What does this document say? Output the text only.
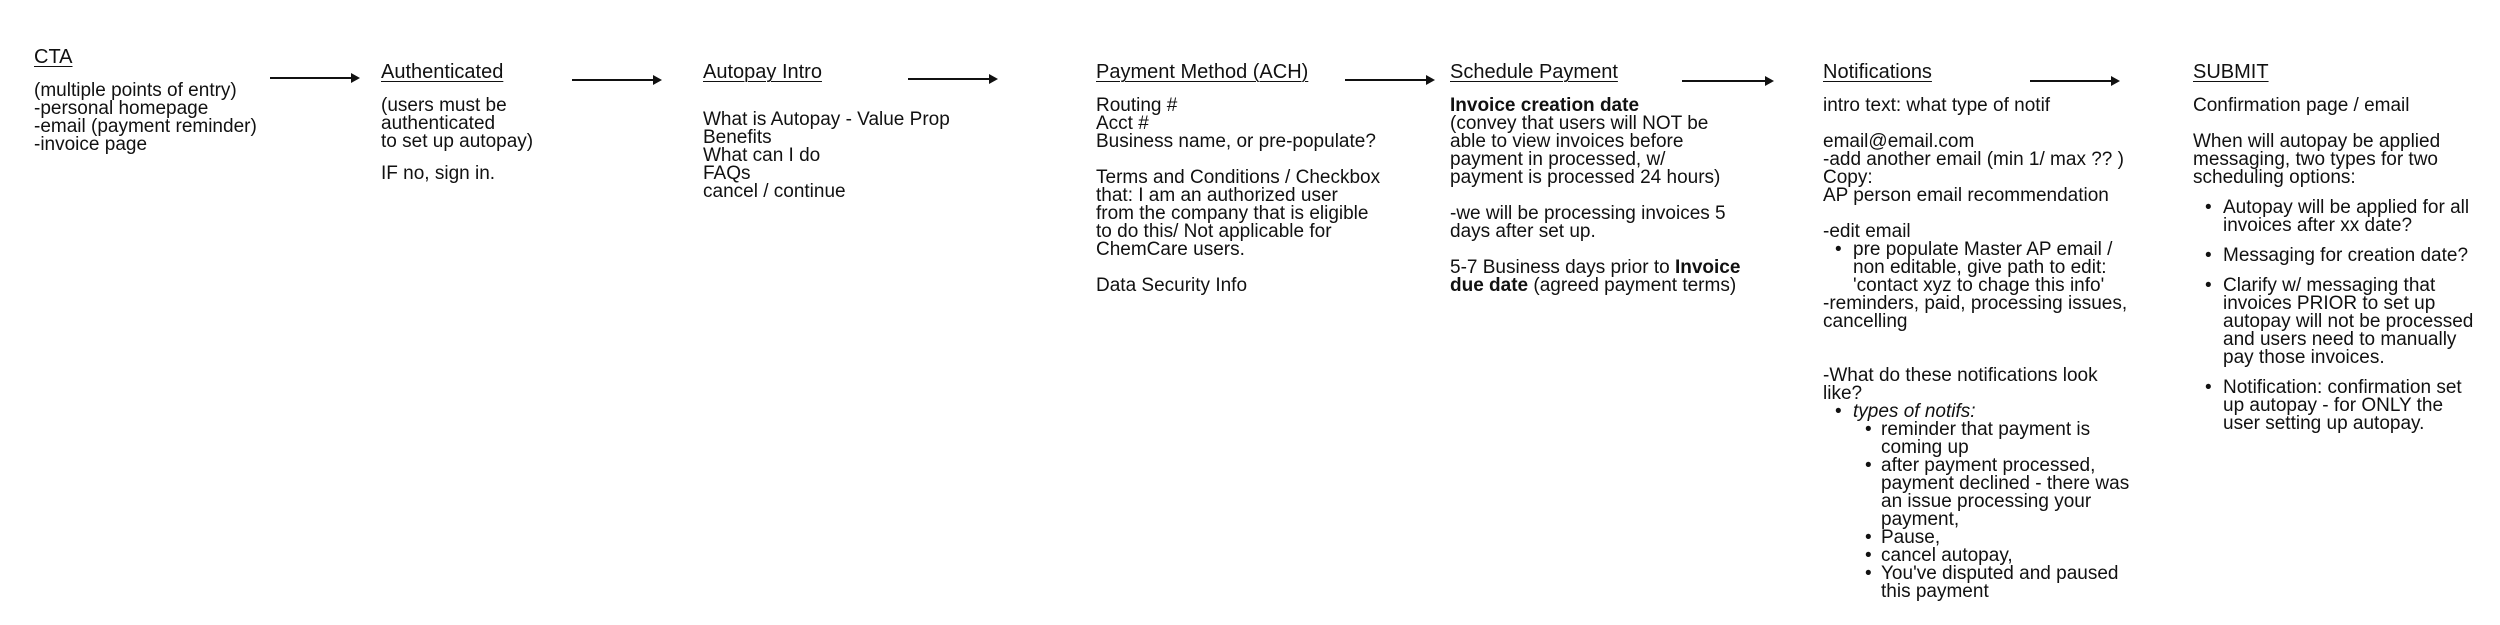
CTA
(multiple points of entry)
-personal homepage
-email (payment reminder)
-invoice page
Authenticated
(users must be
authenticated
to set up autopay)
IF no, sign in.
Autopay Intro
What is Autopay - Value Prop
Benefits
What can I do
FAQs
cancel / continue
Payment Method (ACH)
Routing #
Acct #
Business name, or pre-populate?
Terms and Conditions / Checkbox
that: I am an authorized user
from the company that is eligible
to do this/ Not applicable for
ChemCare users.
Data Security Info
Schedule Payment
Invoice creation date
(convey that users will NOT be
able to view invoices before
payment in processed, w/
payment is processed 24 hours)
-we will be processing invoices 5
days after set up.
5-7 Business days prior to Invoice
due date (agreed payment terms)
Notifications
intro text: what type of notif
email@email.com
-add another email (min 1/ max ?? )
Copy:
AP person email recommendation
-edit email
• pre populate Master AP email /
non editable, give path to edit:
'contact xyz to chage this info'
-reminders, paid, processing issues,
cancelling
-What do these notifications look
like?
• types of notifs:
• reminder that payment is
coming up
• after payment processed,
payment declined - there was
an issue processing your
payment,
• Pause,
• cancel autopay,
• You've disputed and paused
this payment
SUBMIT
Confirmation page / email
When will autopay be applied
messaging, two types for two
scheduling options:
• Autopay will be applied for all
invoices after xx date?
• Messaging for creation date?
• Clarify w/ messaging that
invoices PRIOR to set up
autopay will not be processed
and users need to manually
pay those invoices.
• Notification: confirmation set
up autopay - for ONLY the
user setting up autopay.
